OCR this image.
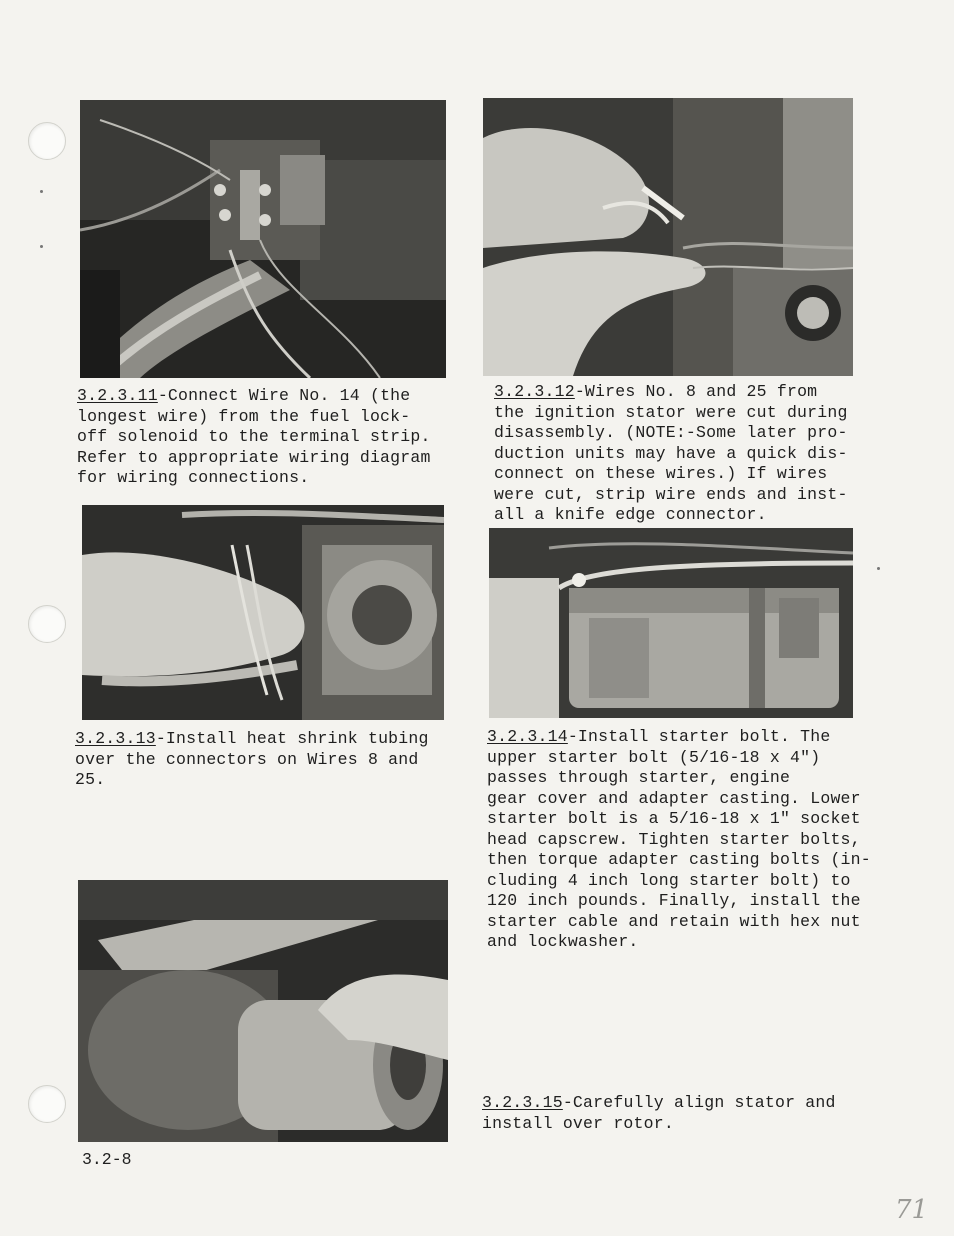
3.2.3.11-Connect Wire No. 14 (the
longest wire) from the fuel lock-
off solenoid to the terminal strip.
Refer to appropriate wiring diagram
for wiring connections.
3.2.3.12-Wires No. 8 and 25 from
the ignition stator were cut during
disassembly. (NOTE:-Some later pro-
duction units may have a quick dis-
connect on these wires.) If wires
were cut, strip wire ends and inst-
all a knife edge connector.
3.2.3.13-Install heat shrink tubing
over the connectors on Wires 8 and
25.
3.2.3.14-Install starter bolt. The
upper starter bolt (5/16-18 x 4")
passes through starter, engine
gear cover and adapter casting. Lower
starter bolt is a 5/16-18 x 1" socket
head capscrew. Tighten starter bolts,
then torque adapter casting bolts (in-
cluding 4 inch long starter bolt) to
120 inch pounds. Finally, install the
starter cable and retain with hex nut
and lockwasher.
3.2.3.15-Carefully align stator and
install over rotor.
3.2-8
71
